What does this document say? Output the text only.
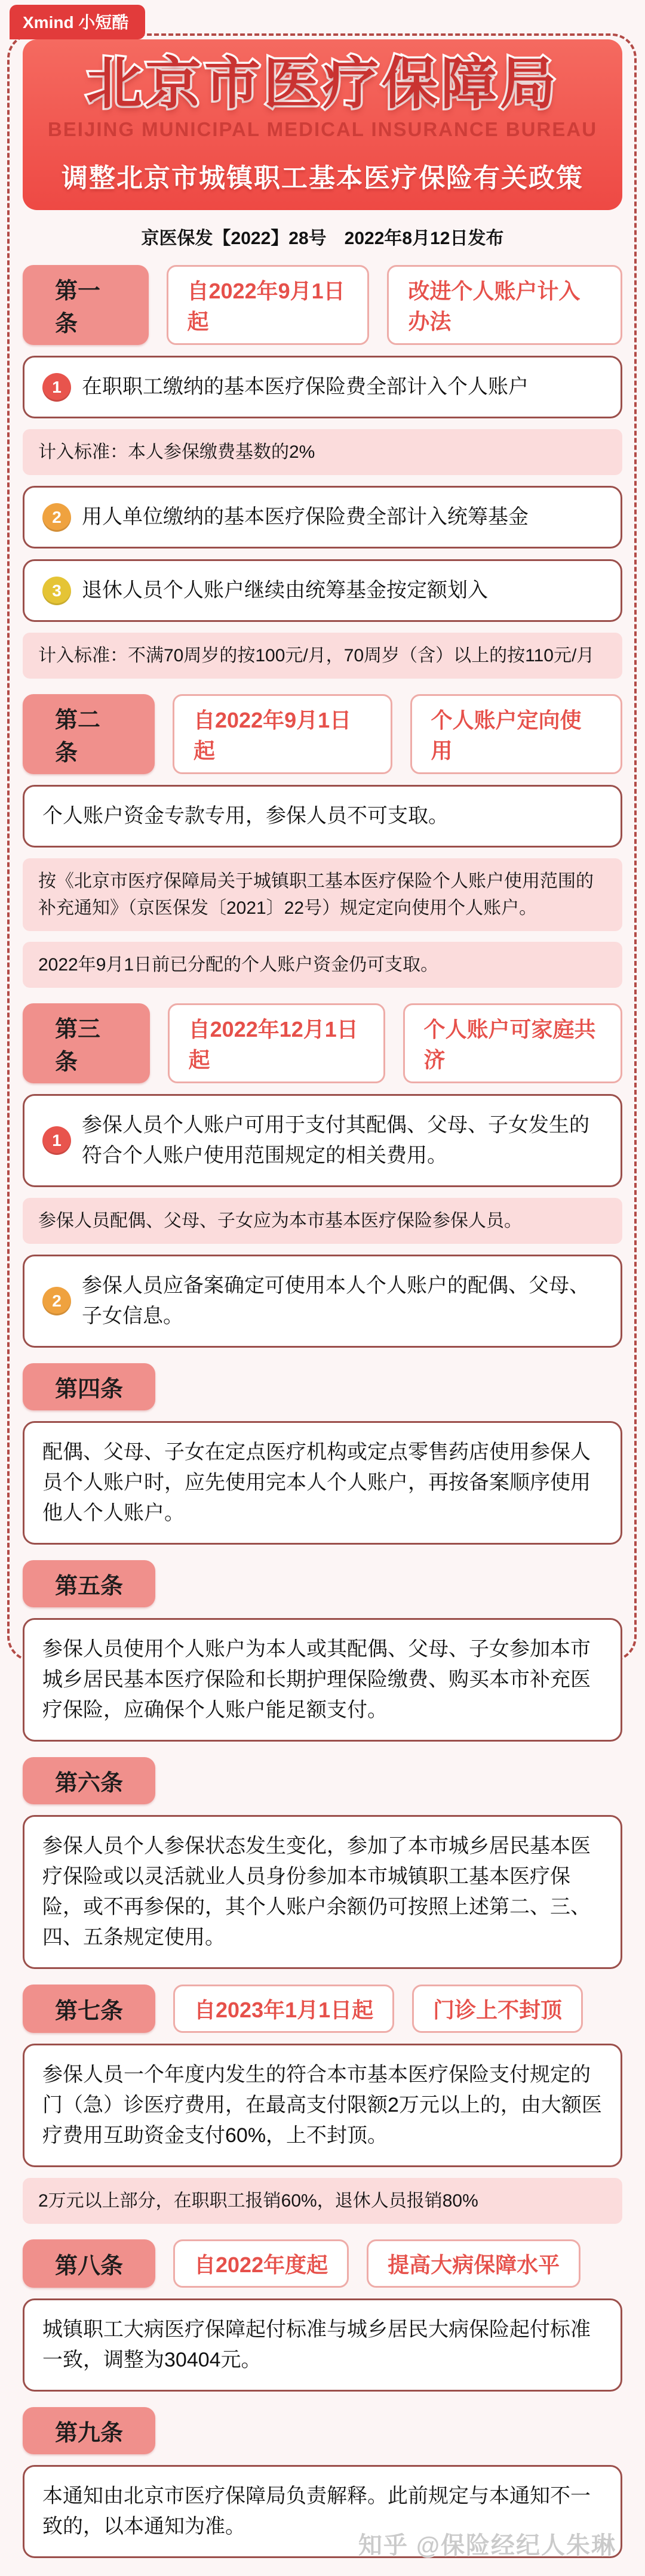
Xmind 小短酷
北京市医疗保障局
BEIJING MUNICIPAL MEDICAL INSURANCE BUREAU
调整北京市城镇职工基本医疗保险有关政策
京医保发【2022】28号　2022年8月12日发布
第一条
自2022年9月1日起
改进个人账户计入办法
1	在职职工缴纳的基本医疗保险费全部计入个人账户
计入标准：本人参保缴费基数的2%
2	用人单位缴纳的基本医疗保险费全部计入统筹基金
3	退休人员个人账户继续由统筹基金按定额划入
计入标准：不满70周岁的按100元/月，70周岁（含）以上的按110元/月
第二条
自2022年9月1日起
个人账户定向使用
个人账户资金专款专用，参保人员不可支取。
按《北京市医疗保障局关于城镇职工基本医疗保险个人账户使用范围的补充通知》（京医保发〔2021〕22号）规定定向使用个人账户。
2022年9月1日前已分配的个人账户资金仍可支取。
第三条
自2022年12月1日起
个人账户可家庭共济
1
参保人员个人账户可用于支付其配偶、父母、子女发生的符合个人账户使用范围规定的相关费用。
参保人员配偶、父母、子女应为本市基本医疗保险参保人员。
2
参保人员应备案确定可使用本人个人账户的配偶、父母、子女信息。
第四条
配偶、父母、子女在定点医疗机构或定点零售药店使用参保人员个人账户时，应先使用完本人个人账户，再按备案顺序使用他人个人账户。
第五条
参保人员使用个人账户为本人或其配偶、父母、子女参加本市城乡居民基本医疗保险和长期护理保险缴费、购买本市补充医疗保险，应确保个人账户能足额支付。
第六条
参保人员个人参保状态发生变化，参加了本市城乡居民基本医疗保险或以灵活就业人员身份参加本市城镇职工基本医疗保险，或不再参保的，其个人账户余额仍可按照上述第二、三、四、五条规定使用。
第七条	自2023年1月1日起	门诊上不封顶
参保人员一个年度内发生的符合本市基本医疗保险支付规定的门（急）诊医疗费用，在最高支付限额2万元以上的，由大额医疗费用互助资金支付60%，上不封顶。
2万元以上部分，在职职工报销60%，退休人员报销80%
第八条	自2022年度起	提高大病保障水平
城镇职工大病医疗保障起付标准与城乡居民大病保险起付标准一致，调整为30404元。
第九条
本通知由北京市医疗保障局负责解释。此前规定与本通知不一致的，以本通知为准。
知乎 @保险经纪人朱琳
